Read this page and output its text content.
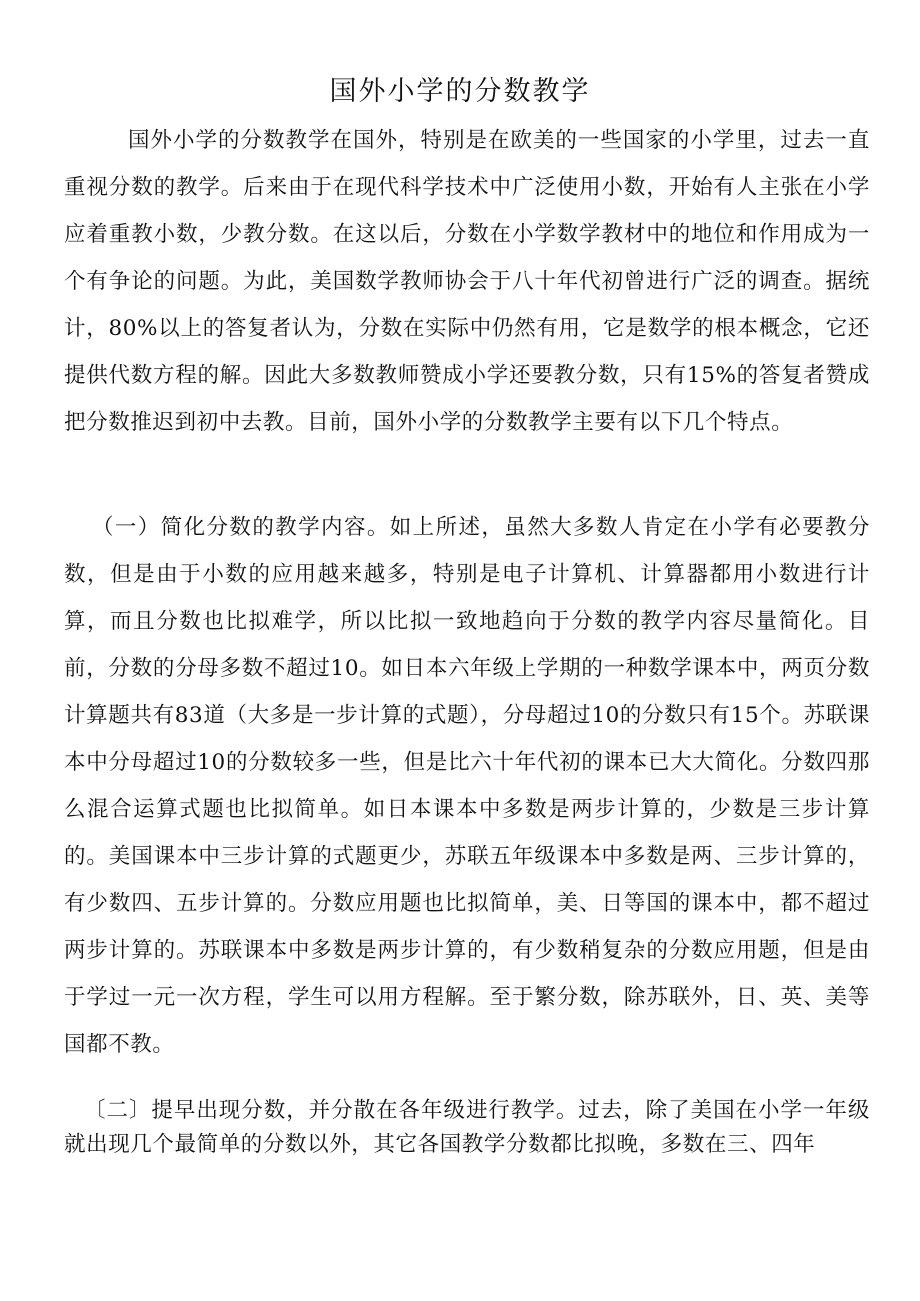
国外小学的分数教学

国外小学的分数教学在国外，特别是在欧美的一些国家的小学里，过去一直重视分数的教学。后来由于在现代科学技术中广泛使用小数，开始有人主张在小学应着重教小数，少教分数。在这以后，分数在小学数学教材中的地位和作用成为一个有争论的问题。为此，美国数学教师协会于八十年代初曾进行广泛的调查。据统计，80%以上的答复者认为，分数在实际中仍然有用，它是数学的根本概念，它还提供代数方程的解。因此大多数教师赞成小学还要教分数，只有15%的答复者赞成把分数推迟到初中去教。目前，国外小学的分数教学主要有以下几个特点。

（一）简化分数的教学内容。如上所述，虽然大多数人肯定在小学有必要教分数，但是由于小数的应用越来越多，特别是电子计算机、计算器都用小数进行计算，而且分数也比拟难学，所以比拟一致地趋向于分数的教学内容尽量简化。目前，分数的分母多数不超过10。如日本六年级上学期的一种数学课本中，两页分数计算题共有83道（大多是一步计算的式题），分母超过10的分数只有15个。苏联课本中分母超过10的分数较多一些，但是比六十年代初的课本已大大简化。分数四那么混合运算式题也比拟简单。如日本课本中多数是两步计算的，少数是三步计算的。美国课本中三步计算的式题更少，苏联五年级课本中多数是两、三步计算的，有少数四、五步计算的。分数应用题也比拟简单，美、日等国的课本中，都不超过两步计算的。苏联课本中多数是两步计算的，有少数稍复杂的分数应用题，但是由于学过一元一次方程，学生可以用方程解。至于繁分数，除苏联外，日、英、美等国都不教。

〔二〕提早出现分数，并分散在各年级进行教学。过去，除了美国在小学一年级就出现几个最简单的分数以外，其它各国教学分数都比拟晚，多数在三、四年
